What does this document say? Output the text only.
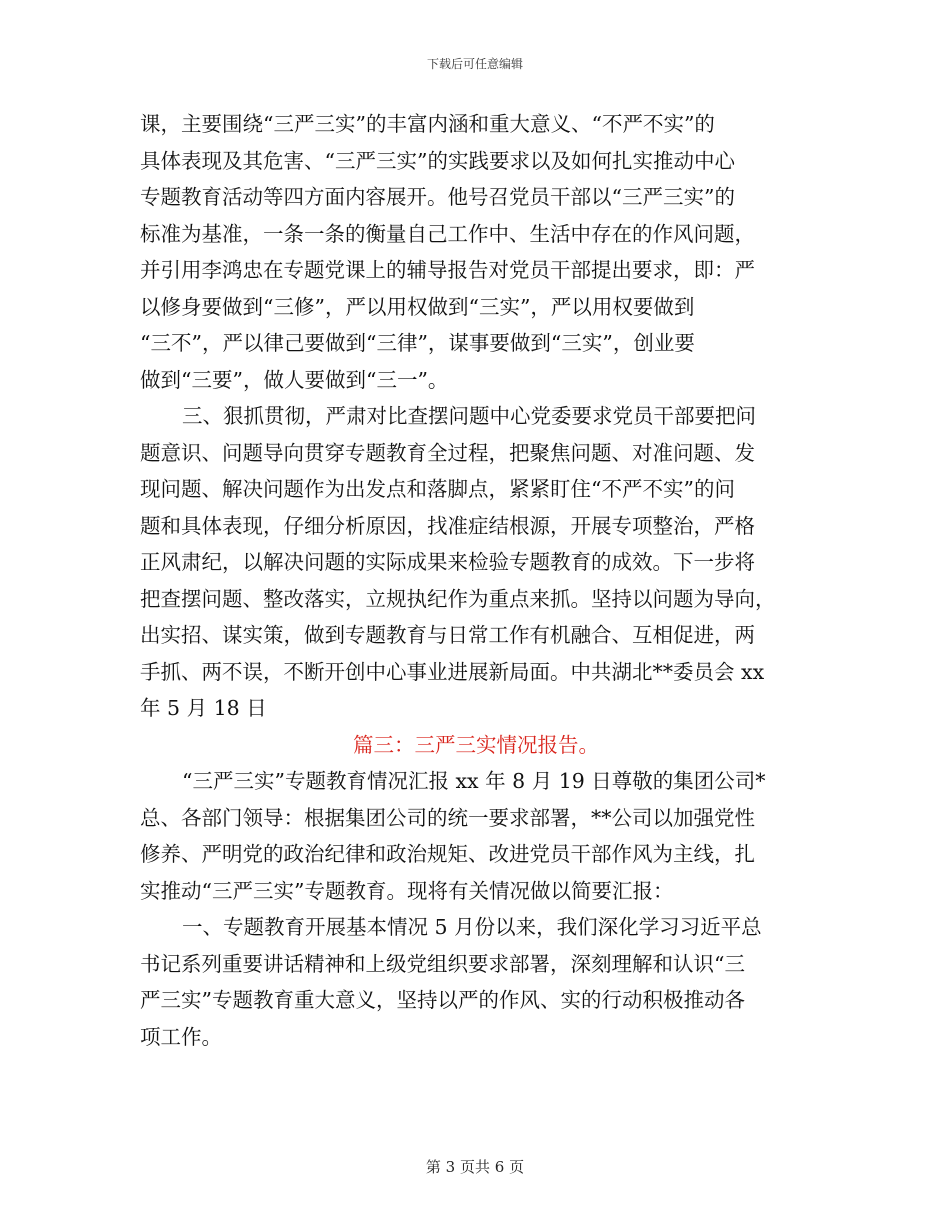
下载后可任意编辑
课，主要围绕“三严三实”的丰富内涵和重大意义、“不严不实”的
具体表现及其危害、“三严三实”的实践要求以及如何扎实推动中心
专题教育活动等四方面内容展开。他号召党员干部以“三严三实”的
标准为基准，一条一条的衡量自己工作中、生活中存在的作风问题，
并引用李鸿忠在专题党课上的辅导报告对党员干部提出要求，即：严
以修身要做到“三修”，严以用权做到“三实”，严以用权要做到
“三不”，严以律己要做到“三律”，谋事要做到“三实”，创业要
做到“三要”，做人要做到“三一”。
三、狠抓贯彻，严肃对比查摆问题中心党委要求党员干部要把问
题意识、问题导向贯穿专题教育全过程，把聚焦问题、对准问题、发
现问题、解决问题作为出发点和落脚点，紧紧盯住“不严不实”的问
题和具体表现，仔细分析原因，找准症结根源，开展专项整治，严格
正风肃纪，以解决问题的实际成果来检验专题教育的成效。下一步将
把查摆问题、整改落实，立规执纪作为重点来抓。坚持以问题为导向，
出实招、谋实策，做到专题教育与日常工作有机融合、互相促进，两
手抓、两不误，不断开创中心事业进展新局面。中共湖北**委员会 xx
年 5 月 18 日
篇三：三严三实情况报告。
“三严三实”专题教育情况汇报 xx 年 8 月 19 日尊敬的集团公司*
总、各部门领导：根据集团公司的统一要求部署，**公司以加强党性
修养、严明党的政治纪律和政治规矩、改进党员干部作风为主线，扎
实推动“三严三实”专题教育。现将有关情况做以简要汇报：
一、专题教育开展基本情况 5 月份以来，我们深化学习习近平总
书记系列重要讲话精神和上级党组织要求部署，深刻理解和认识“三
严三实”专题教育重大意义，坚持以严的作风、实的行动积极推动各
项工作。
第 3 页共 6 页
